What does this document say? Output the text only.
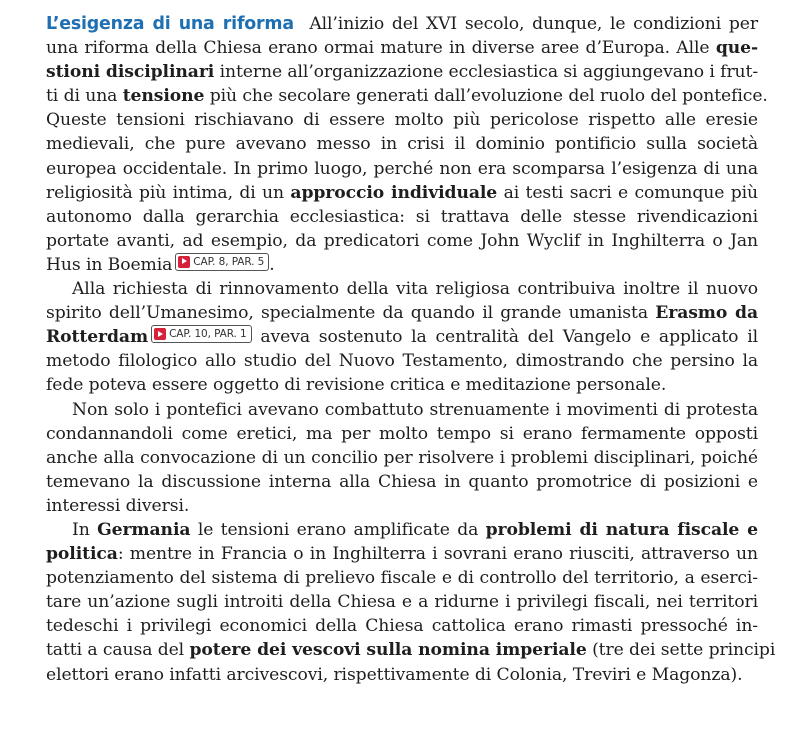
L’esigenza di una riforma All’inizio del XVI secolo, dunque, le condizioni per
una riforma della Chiesa erano ormai mature in diverse aree d’Europa. Alle que-
stioni disciplinari interne all’organizzazione ecclesiastica si aggiungevano i frut-
ti di una tensione più che secolare generati dall’evoluzione del ruolo del pontefice.
Queste tensioni rischiavano di essere molto più pericolose rispetto alle eresie
medievali, che pure avevano messo in crisi il dominio pontificio sulla società
europea occidentale. In primo luogo, perché non era scomparsa l’esigenza di una
religiosità più intima, di un approccio individuale ai testi sacri e comunque più
autonomo dalla gerarchia ecclesiastica: si trattava delle stesse rivendicazioni
portate avanti, ad esempio, da predicatori come John Wyclif in Inghilterra o Jan
Hus in Boemia CAP. 8, PAR. 5 .
Alla richiesta di rinnovamento della vita religiosa contribuiva inoltre il nuovo
spirito dell’Umanesimo, specialmente da quando il grande umanista Erasmo da
Rotterdam CAP. 10, PAR. 1 aveva sostenuto la centralità del Vangelo e applicato il
metodo filologico allo studio del Nuovo Testamento, dimostrando che persino la
fede poteva essere oggetto di revisione critica e meditazione personale.
Non solo i pontefici avevano combattuto strenuamente i movimenti di protesta
condannandoli come eretici, ma per molto tempo si erano fermamente opposti
anche alla convocazione di un concilio per risolvere i problemi disciplinari, poiché
temevano la discussione interna alla Chiesa in quanto promotrice di posizioni e
interessi diversi.
In Germania le tensioni erano amplificate da problemi di natura fiscale e
politica: mentre in Francia o in Inghilterra i sovrani erano riusciti, attraverso un
potenziamento del sistema di prelievo fiscale e di controllo del territorio, a eserci-
tare un’azione sugli introiti della Chiesa e a ridurne i privilegi fiscali, nei territori
tedeschi i privilegi economici della Chiesa cattolica erano rimasti pressoché in-
tatti a causa del potere dei vescovi sulla nomina imperiale (tre dei sette principi
elettori erano infatti arcivescovi, rispettivamente di Colonia, Treviri e Magonza).
